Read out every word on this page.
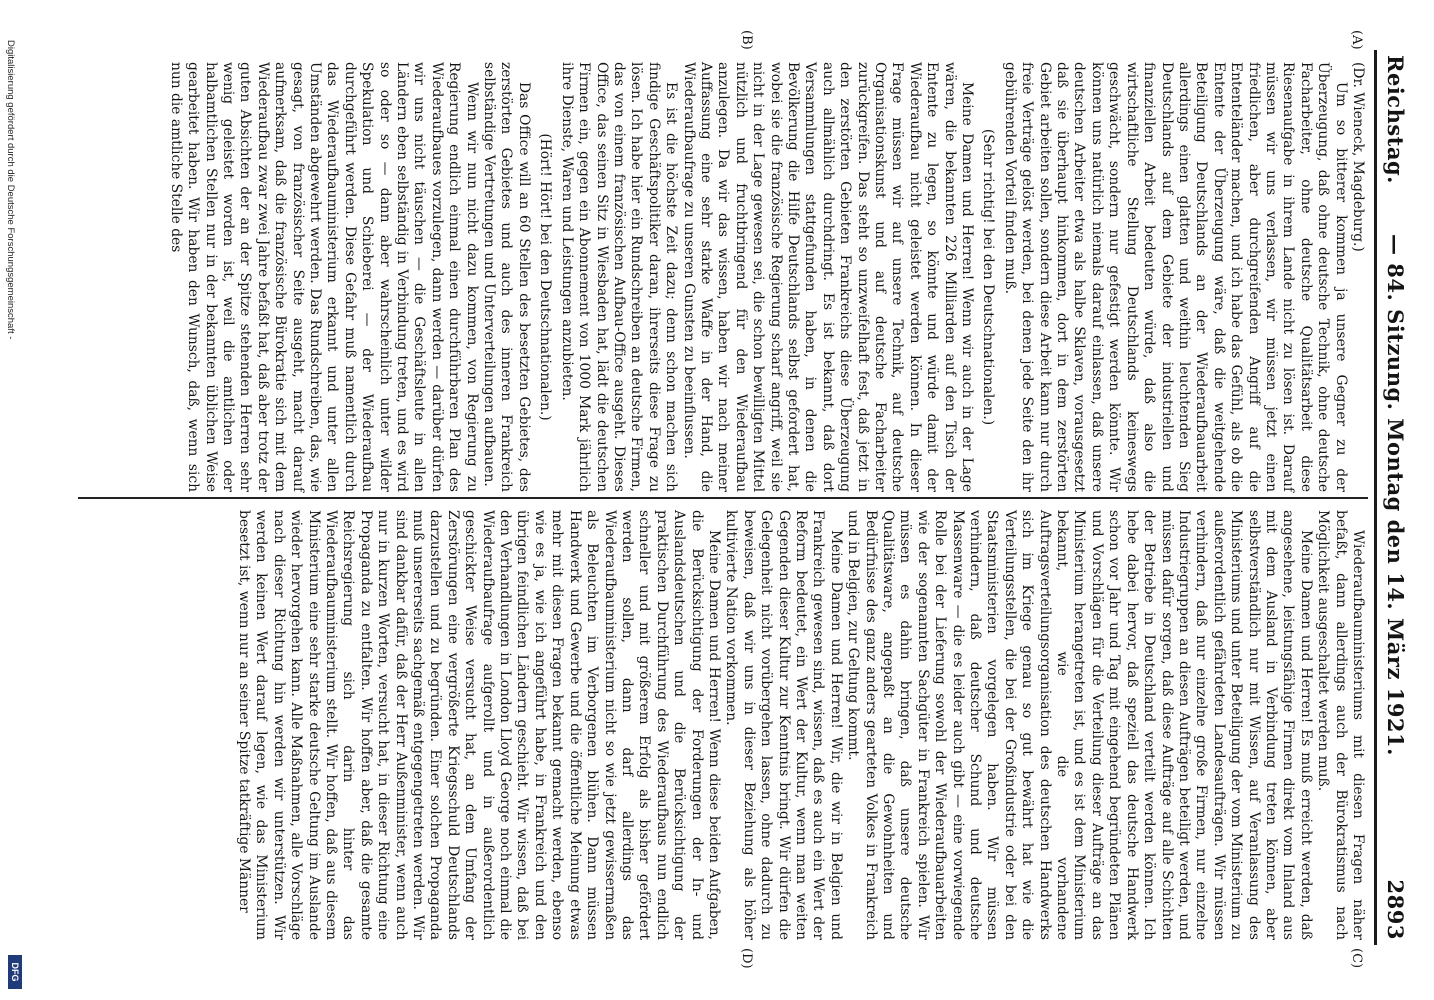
Reichstag.
— 84. Sitzung. Montag den 14. März 1921.
2893
(A)
(B)
(C)
(D)

(Dr. Wieneck, Magdeburg.)

Um so bitterer kommen ja unsere Gegner zu der Überzeugung, daß ohne deutsche Technik, ohne deutsche Facharbeiter, ohne deutsche Qualitätsarbeit diese Riesenaufgabe in ihrem Lande nicht zu lösen ist. Darauf müssen wir uns verlassen, wir müssen jetzt einen friedlichen, aber durchgreifenden Angriff auf die Ententeländer machen, und ich habe das Gefühl, als ob die Entente der Überzeugung wäre, daß die weitgehende Beteiligung Deutschlands an der Wiederaufbauarbeit allerdings einen glatten und weithin leuchtenden Sieg Deutschlands auf dem Gebiete der industriellen und finanziellen Arbeit bedeuten würde, daß also die wirtschaftliche Stellung Deutschlands keineswegs geschwächt, sondern nur gefestigt werden könnte. Wir können uns natürlich niemals darauf einlassen, daß unsere deutschen Arbeiter etwa als halbe Sklaven, vorausgesetzt daß sie überhaupt hinkommen, dort in dem zerstörten Gebiet arbeiten sollen, sondern diese Arbeit kann nur durch freie Verträge gelöst werden, bei denen jede Seite den ihr gebührenden Vorteil finden muß.

(Sehr richtig! bei den Deutschnationalen.)

Meine Damen und Herren! Wenn wir auch in der Lage wären, die bekannten 226 Milliarden auf den Tisch der Entente zu legen, so könnte und würde damit der Wiederaufbau nicht geleistet werden können. In dieser Frage müssen wir auf unsere Technik, auf deutsche Organisationskunst und auf deutsche Facharbeiter zurückgreifen. Das steht so unzweifelhaft fest, daß jetzt in den zerstörten Gebieten Frankreichs diese Überzeugung auch allmählich durchdringt. Es ist bekannt, daß dort Versammlungen stattgefunden haben, in denen die Bevölkerung die Hilfe Deutschlands selbst gefordert hat, wobei sie die französische Regierung scharf angriff, weil sie nicht in der Lage gewesen sei, die schon bewilligten Mittel nützlich und fruchtbringend für den Wiederaufbau anzulegen. Da wir das wissen, haben wir nach meiner Auffassung eine sehr starke Waffe in der Hand, die Wiederaufbaufrage zu unseren Gunsten zu beeinflussen.

Es ist die höchste Zeit dazu; denn schon machen sich findige Geschäftspolitiker daran, ihrerseits diese Frage zu lösen. Ich habe hier ein Rundschreiben an deutsche Firmen, das von einem französischen Aufbau-Office ausgeht. Dieses Office, das seinen Sitz in Wiesbaden hat, lädt die deutschen Firmen ein, gegen ein Abonnement von 1000 Mark jährlich ihre Dienste, Waren und Leistungen anzubieten.

(Hört! Hört! bei den Deutschnationalen.)

Das Office will an 60 Stellen des besetzten Gebietes, des zerstörten Gebietes und auch des inneren Frankreich selbständige Vertretungen und Unterverteilungen aufbauen.

Wenn wir nun nicht dazu kommen, von Regierung zu Regierung endlich einmal einen durchführbaren Plan des Wiederaufbaues vorzulegen, dann werden — darüber dürfen wir uns nicht täuschen — die Geschäftsleute in allen Ländern eben selbständig in Verbindung treten, und es wird so oder so — dann aber wahrscheinlich unter wilder Spekulation und Schieberei — der Wiederaufbau durchgeführt werden. Diese Gefahr muß namentlich durch das Wiederaufbauministerium erkannt und unter allen Umständen abgewehrt werden. Das Rundschreiben, das, wie gesagt, von französischer Seite ausgeht, macht darauf aufmerksam, daß die französische Bürokratie sich mit dem Wiederaufbau zwar zwei Jahre befaßt hat, daß aber trotz der guten Absichten der an der Spitze stehenden Herren sehr wenig geleistet worden ist, weil die amtlichen oder halbamtlichen Stellen nur in der bekannten üblichen Weise gearbeitet haben. Wir haben den Wunsch, daß, wenn sich nun die amtliche Stelle des

Wiederaufbauministeriums mit diesen Fragen näher befaßt, dann allerdings auch der Bürokratismus nach Möglichkeit ausgeschaltet werden muß.

Meine Damen und Herren! Es muß erreicht werden, daß angesehene, leistungsfähige Firmen direkt vom Inland aus mit dem Ausland in Verbindung treten können, aber selbstverständlich nur mit Wissen, auf Veranlassung des Ministeriums und unter Beteiligung der vom Ministerium zu außerordentlich gefährdeten Landesaufträgen. Wir müssen verhindern, daß nur einzelne große Firmen, nur einzelne Industriegruppen an diesen Aufträgen beteiligt werden, und müssen dafür sorgen, daß diese Aufträge auf alle Schichten der Betriebe in Deutschland verteilt werden können. Ich hebe dabei hervor, daß speziell das deutsche Handwerk schon vor Jahr und Tag mit eingehend begründeten Plänen und Vorschlägen für die Verteilung dieser Aufträge an das Ministerium herangetreten ist, und es ist dem Ministerium bekannt, wie die vorhandene Auftragsverteilungsorganisation des deutschen Handwerks sich im Kriege genau so gut bewährt hat wie die Verteilungsstellen, die bei der Großindustrie oder bei den Staatsministerien vorgelegen haben. Wir müssen verhindern, daß deutscher Schund und deutsche Massenware — die es leider auch gibt — eine vorwiegende Rolle bei der Lieferung sowohl der Wiederaufbauarbeiten wie der sogenannten Sachgüter in Frankreich spielen. Wir müssen es dahin bringen, daß unsere deutsche Qualitätsware, angepaßt an die Gewohnheiten und Bedürfnisse des ganz anders gearteten Volkes in Frankreich und in Belgien, zur Geltung kommt.

Meine Damen und Herren! Wir, die wir in Belgien und Frankreich gewesen sind, wissen, daß es auch ein Wert der Reform bedeutet, ein Wert der Kultur, wenn man weiten Gegenden dieser Kultur zur Kenntnis bringt. Wir dürfen die Gelegenheit nicht vorübergehen lassen, ohne dadurch zu beweisen, daß wir uns in dieser Beziehung als höher kultivierte Nation vorkommen.

Meine Damen und Herren! Wenn diese beiden Aufgaben, die Berücksichtigung der Forderungen der In- und Auslandsdeutschen und die Berücksichtigung der praktischen Durchführung des Wiederaufbaus nun endlich schneller und mit größerem Erfolg als bisher gefördert werden sollen, dann darf allerdings das Wiederaufbauministerium nicht so wie jetzt gewissermaßen als Beleuchten im Verborgenen blühen. Dann müssen Handwerk und Gewerbe und die öffentliche Meinung etwas mehr mit diesen Fragen bekannt gemacht werden, ebenso wie es ja, wie ich angeführt habe, in Frankreich und den übrigen feindlichen Ländern geschieht. Wir wissen, daß bei den Verhandlungen in London Lloyd George noch einmal die Wiederaufbaufrage aufgerollt und in außerordentlich geschickter Weise versucht hat, an dem Umfang der Zerstörungen eine vergrößerte Kriegsschuld Deutschlands darzustellen und zu begründen. Einer solchen Propaganda muß unsererseits sachgemäß entgegengetreten werden. Wir sind dankbar dafür, daß der Herr Außenminister, wenn auch nur in kurzen Worten, versucht hat, in dieser Richtung eine Propaganda zu entfalten. Wir hoffen aber, daß die gesamte Reichsregierung sich darin hinter das Wiederaufbauministerium stellt. Wir hoffen, daß aus diesem Ministerium eine sehr starke deutsche Geltung im Auslande wieder hervorgehen kann. Alle Maßnahmen, alle Vorschläge nach dieser Richtung hin werden wir unterstützen. Wir werden keinen Wert darauf legen, wie das Ministerium besetzt ist, wenn nur an seiner Spitze tatkräftige Männer

Digitalisierung gefördert durch die Deutsche Forschungsgemeinschaft -
DFG
